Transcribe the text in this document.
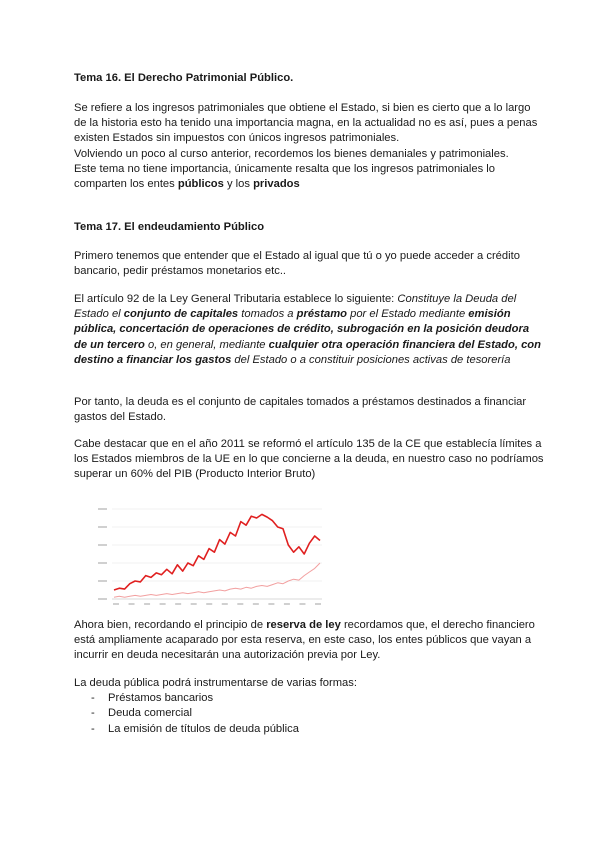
Tema 16. El Derecho Patrimonial Público.

Se refiere a los ingresos patrimoniales que obtiene el Estado, si bien es cierto que a lo largo de la historia esto ha tenido una importancia magna, en la actualidad no es así, pues a penas existen Estados sin impuestos con únicos ingresos patrimoniales.

Volviendo un poco al curso anterior, recordemos los bienes demaniales y patrimoniales.

Este tema no tiene importancia, únicamente resalta que los ingresos patrimoniales lo comparten los entes públicos y los privados

Tema 17. El endeudamiento Público
Primero tenemos que entender que el Estado al igual que tú o yo puede acceder a crédito bancario, pedir préstamos monetarios etc..
El artículo 92 de la Ley General Tributaria establece lo siguiente: Constituye la Deuda del Estado el conjunto de capitales tomados a préstamo por el Estado mediante emisión pública, concertación de operaciones de crédito, subrogación en la posición deudora de un tercero o, en general, mediante cualquier otra operación financiera del Estado, con destino a financiar los gastos del Estado o a constituir posiciones activas de tesorería
Por tanto, la deuda es el conjunto de capitales tomados a préstamos destinados a financiar gastos del Estado.
Cabe destacar que en el año 2011 se reformó el artículo 135 de la CE que establecía límites a los Estados miembros de la UE en lo que concierne a la deuda, en nuestro caso no podríamos superar un 60% del PIB (Producto Interior Bruto)
Ahora bien, recordando el principio de reserva de ley recordamos que, el derecho financiero está ampliamente acaparado por esta reserva, en este caso, los entes públicos que vayan a incurrir en deuda necesitarán una autorización previa por Ley.

La deuda pública podrá instrumentarse de varias formas:

- Préstamos bancarios
- Deuda comercial
- La emisión de títulos de deuda pública
